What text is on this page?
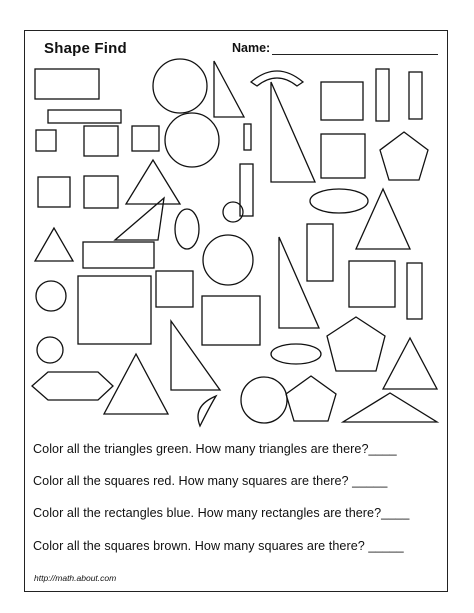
Shape Find	Name:
Color all the triangles green. How many triangles are there?____
Color all the squares red. How many squares are there? _____
Color all the rectangles blue. How many rectangles are there?____
Color all the squares brown. How many squares are there? _____
http://math.about.com
